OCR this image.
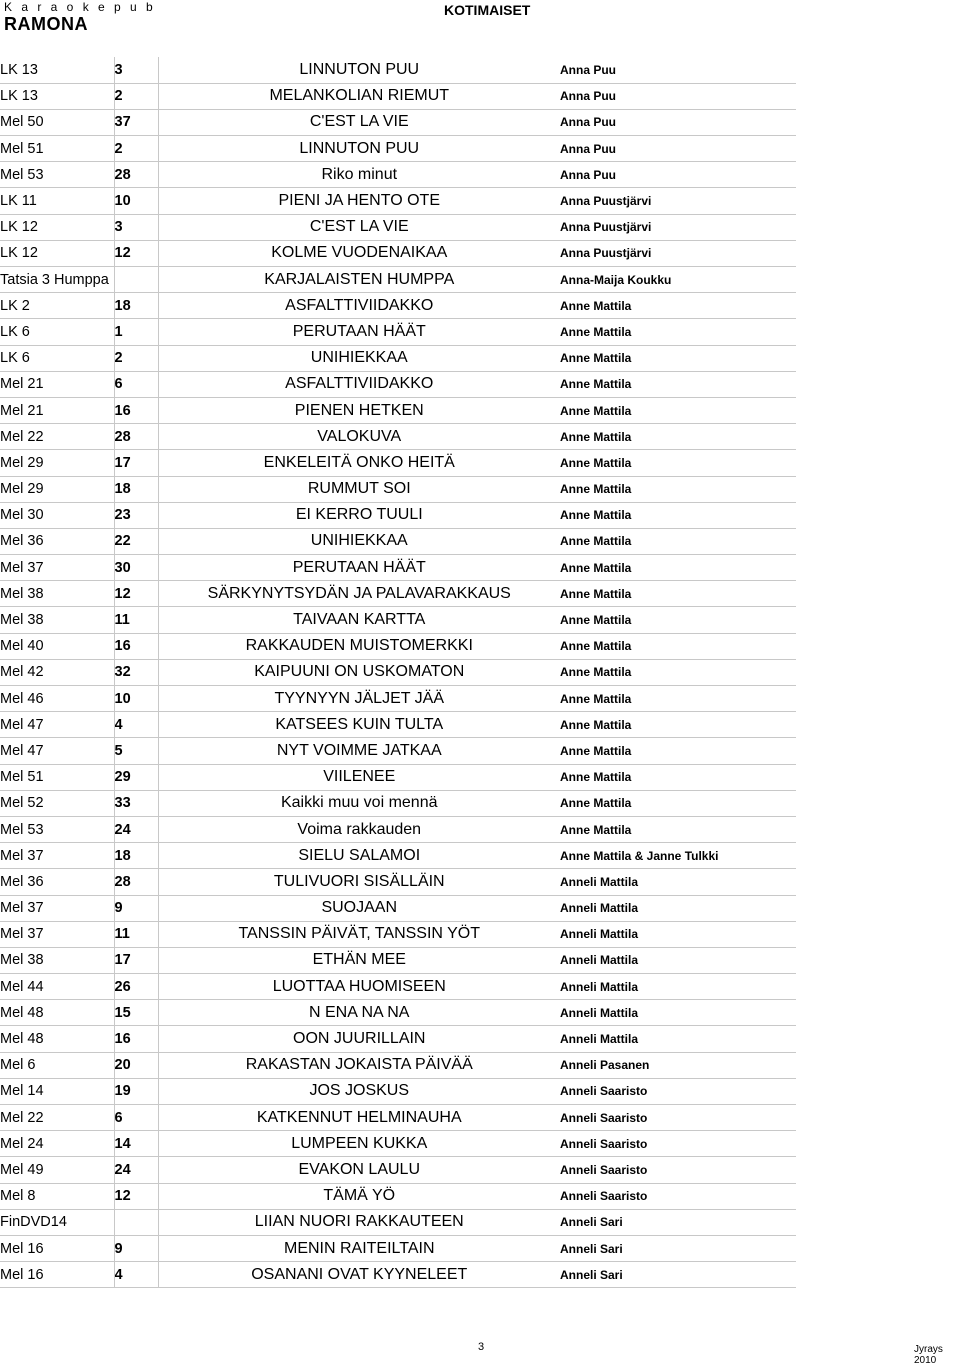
K a r a o k e p u b
RAMONA
KOTIMAISET
LK 13	3	LINNUTON PUU	Anna Puu
LK 13	2	MELANKOLIAN RIEMUT	Anna Puu
Mel 50	37	C'EST LA VIE	Anna Puu
Mel 51	2	LINNUTON PUU	Anna Puu
Mel 53	28	Riko minut	Anna Puu
LK 11	10	PIENI JA HENTO OTE	Anna Puustjärvi
LK 12	3	C'EST LA VIE	Anna Puustjärvi
LK 12	12	KOLME VUODENAIKAA	Anna Puustjärvi
Tatsia 3 Humppa		KARJALAISTEN HUMPPA	Anna-Maija Koukku
LK 2	18	ASFALTTIVIIDAKKO	Anne Mattila
LK 6	1	PERUTAAN HÄÄT	Anne Mattila
LK 6	2	UNIHIEKKAA	Anne Mattila
Mel 21	6	ASFALTTIVIIDAKKO	Anne Mattila
Mel 21	16	PIENEN HETKEN	Anne Mattila
Mel 22	28	VALOKUVA	Anne Mattila
Mel 29	17	ENKELEITÄ ONKO HEITÄ	Anne Mattila
Mel 29	18	RUMMUT SOI	Anne Mattila
Mel 30	23	EI KERRO TUULI	Anne Mattila
Mel 36	22	UNIHIEKKAA	Anne Mattila
Mel 37	30	PERUTAAN HÄÄT	Anne Mattila
Mel 38	12	SÄRKYNYTSYDÄN JA PALAVARAKKAUS	Anne Mattila
Mel 38	11	TAIVAAN KARTTA	Anne Mattila
Mel 40	16	RAKKAUDEN MUISTOMERKKI	Anne Mattila
Mel 42	32	KAIPUUNI ON USKOMATON	Anne Mattila
Mel 46	10	TYYNYYN JÄLJET JÄÄ	Anne Mattila
Mel 47	4	KATSEES KUIN TULTA	Anne Mattila
Mel 47	5	NYT VOIMME JATKAA	Anne Mattila
Mel 51	29	VIILENEE	Anne Mattila
Mel 52	33	Kaikki muu voi mennä	Anne Mattila
Mel 53	24	Voima rakkauden	Anne Mattila
Mel 37	18	SIELU SALAMOI	Anne Mattila & Janne Tulkki
Mel 36	28	TULIVUORI SISÄLLÄIN	Anneli Mattila
Mel 37	9	SUOJAAN	Anneli Mattila
Mel 37	11	TANSSIN PÄIVÄT, TANSSIN YÖT	Anneli Mattila
Mel 38	17	ETHÄN MEE	Anneli Mattila
Mel 44	26	LUOTTAA HUOMISEEN	Anneli Mattila
Mel 48	15	N ENA NA NA	Anneli Mattila
Mel 48	16	OON JUURILLAIN	Anneli Mattila
Mel 6	20	RAKASTAN JOKAISTA PÄIVÄÄ	Anneli Pasanen
Mel 14	19	JOS JOSKUS	Anneli Saaristo
Mel 22	6	KATKENNUT HELMINAUHA	Anneli Saaristo
Mel 24	14	LUMPEEN KUKKA	Anneli Saaristo
Mel 49	24	EVAKON LAULU	Anneli Saaristo
Mel 8	12	TÄMÄ YÖ	Anneli Saaristo
FinDVD14		LIIAN NUORI RAKKAUTEEN	Anneli Sari
Mel 16	9	MENIN RAITEILTAIN	Anneli Sari
Mel 16	4	OSANANI OVAT KYYNELEET	Anneli Sari
3	Jyrays 2010
